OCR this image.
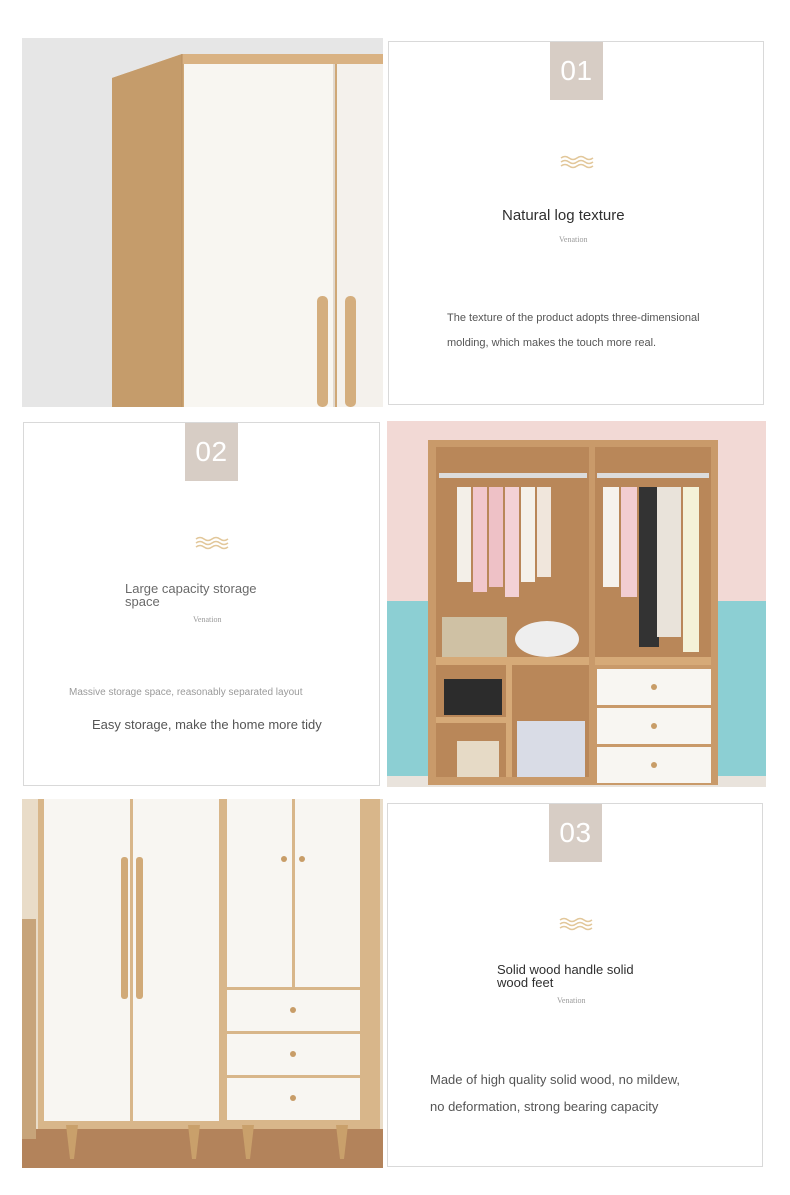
01
Natural log texture
Venation
The texture of the product adopts three-dimensional
molding, which makes the touch more real.
02
Large capacity storage
space
Venation
Massive storage space, reasonably separated layout
Easy storage, make the home more tidy
03
Solid wood handle solid
wood feet
Venation
Made of high quality solid wood, no mildew,
no deformation, strong bearing capacity
